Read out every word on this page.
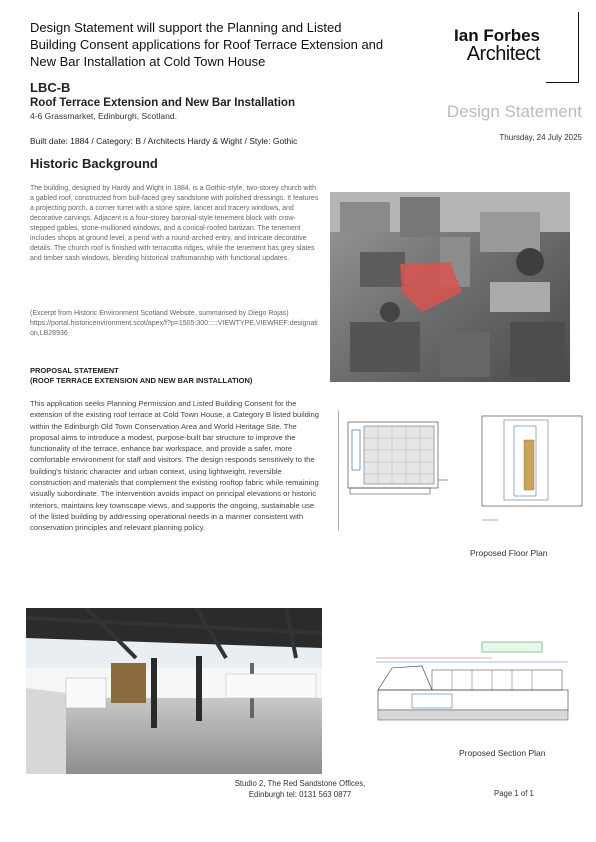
Design Statement will support the Planning and Listed Building Consent applications for Roof Terrace Extension and New Bar Installation at Cold Town House
LBC-B
Roof Terrace Extension and New Bar Installation
4-6 Grassmarket, Edinburgh, Scotland.
Built date: 1884 / Category: B / Architects Hardy & Wight / Style: Gothic
Ian Forbes
Architect
Design Statement
Thursday, 24 July 2025
Historic Background
The building, designed by Hardy and Wight in 1884, is a Gothic-style, two-storey church with a gabled roof, constructed from bull-faced grey sandstone with polished dressings. It features a projecting porch, a corner turret with a stone spire, lancet and tracery windows, and decorative carvings. Adjacent is a four-storey baronial-style tenement block with crow-stepped gables, stone-mullioned windows, and a conical-roofed bartizan. The tenement includes shops at ground level, a pend with a round-arched entry, and intricate decorative details. The church roof is finished with terracotta ridges, while the tenement has grey slates and timber sash windows, blending historical craftsmanship with functional updates.
(Excerpt from Historic Environment Scotland Website, summarised by Diego Rojas)
https://portal.historicenvironment.scot/apex/f?p=1505:300:::::VIEWTYPE,VIEWREF:designation,LB28936
PROPOSAL STATEMENT
(ROOF TERRACE EXTENSION AND NEW BAR INSTALLATION)
This application seeks Planning Permission and Listed Building Consent for the extension of the existing roof terrace at Cold Town House, a Category B listed building within the Edinburgh Old Town Conservation Area and World Heritage Site. The proposal aims to introduce a modest, purpose-built bar structure to improve the functionality of the terrace, enhance bar workspace, and provide a safer, more comfortable environment for staff and visitors. The design responds sensitively to the building's historic character and urban context, using lightweight, reversible construction and materials that complement the existing rooftop fabric while remaining visually subordinate. The intervention avoids impact on principal elevations or historic interiors, maintains key townscape views, and supports the ongoing, sustainable use of the listed building by addressing operational needs in a manner consistent with conservation principles and relevant planning policy.
Proposed Floor Plan
Proposed Section Plan
Studio 2, The Red Sandstone Offices,
Edinburgh tel: 0131 563 0877	Page 1 of 1
